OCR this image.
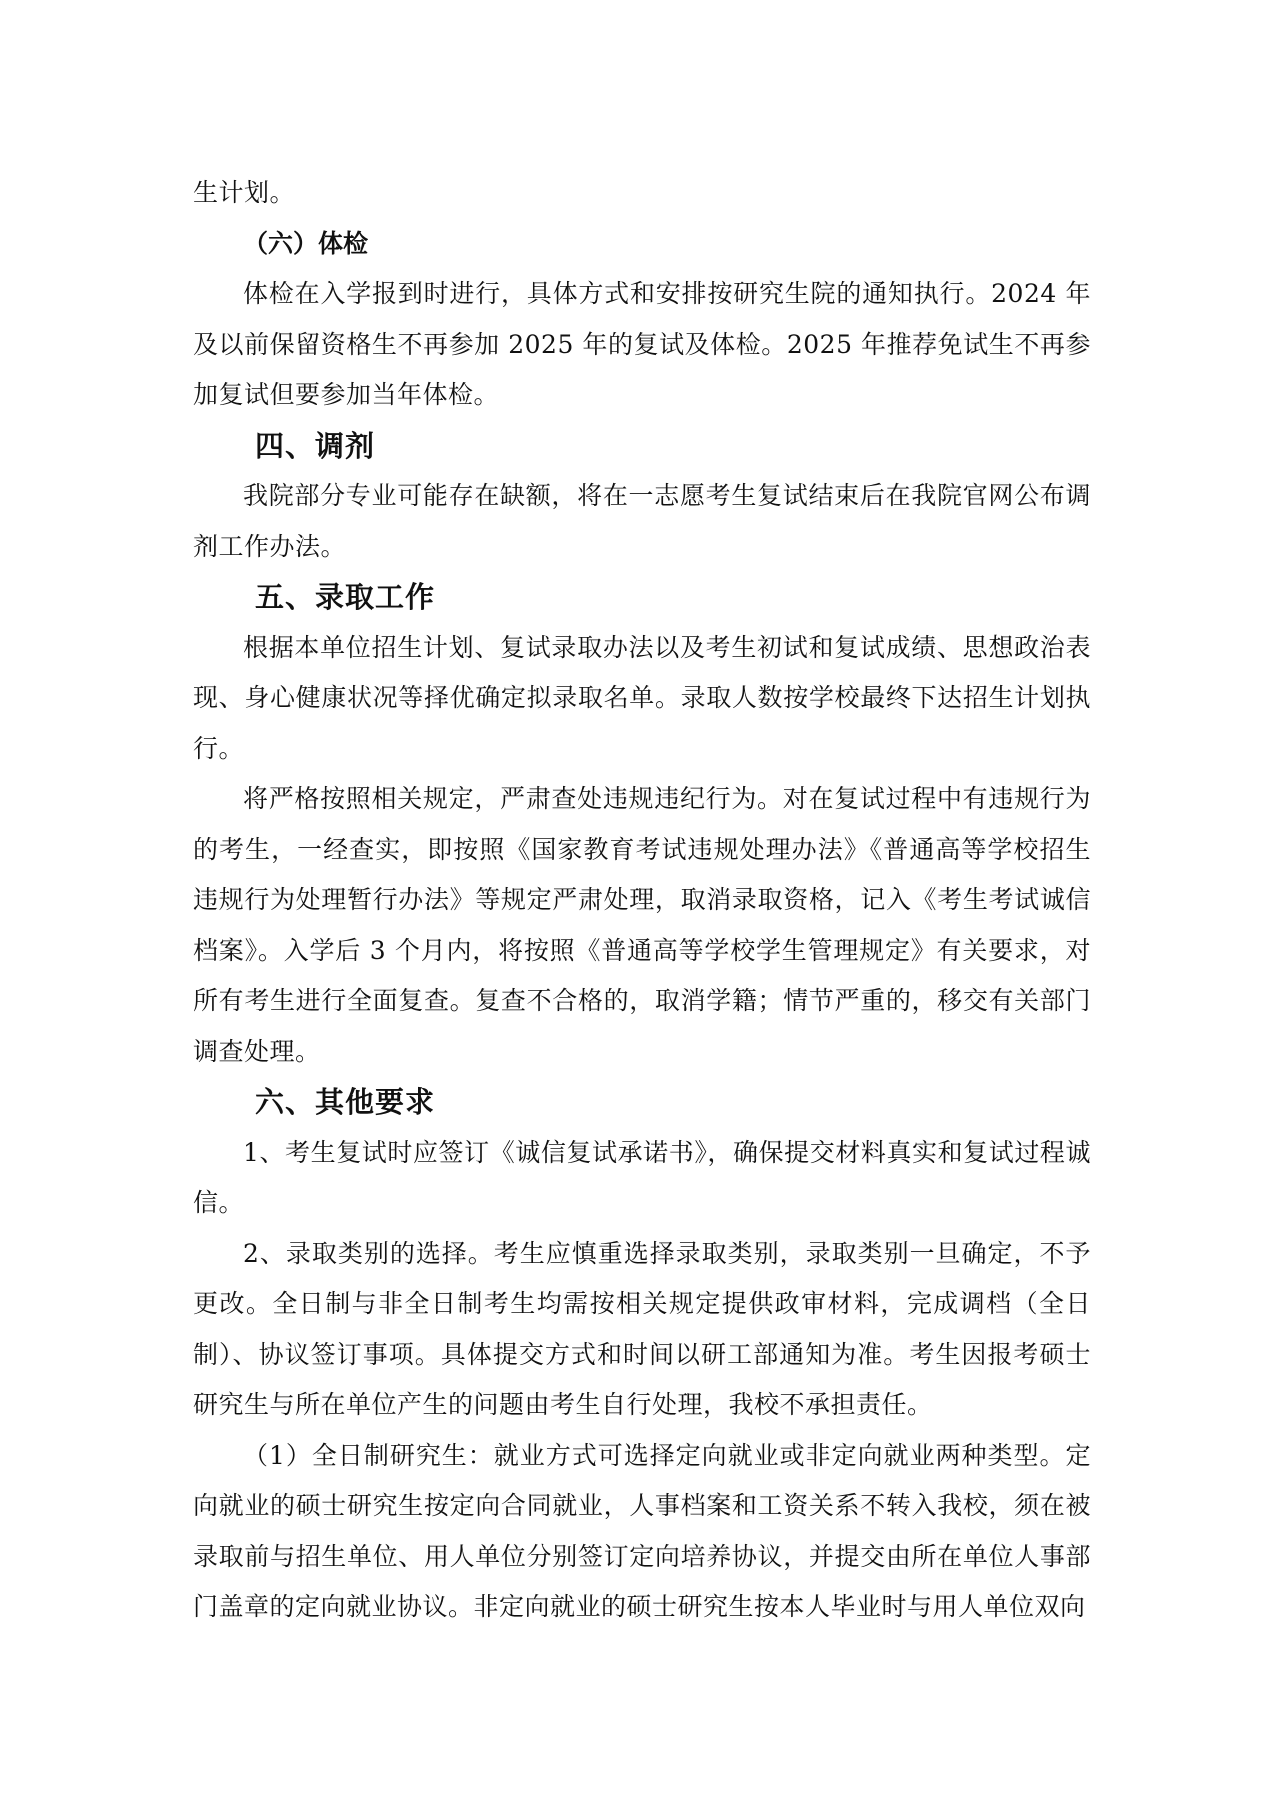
生计划。

（六）体检

体检在入学报到时进行，具体方式和安排按研究生院的通知执行。2024 年及以前保留资格生不再参加 2025 年的复试及体检。2025 年推荐免试生不再参加复试但要参加当年体检。

四、调剂

我院部分专业可能存在缺额，将在一志愿考生复试结束后在我院官网公布调剂工作办法。

五、录取工作

根据本单位招生计划、复试录取办法以及考生初试和复试成绩、思想政治表现、身心健康状况等择优确定拟录取名单。录取人数按学校最终下达招生计划执行。

将严格按照相关规定，严肃查处违规违纪行为。对在复试过程中有违规行为的考生，一经查实，即按照《国家教育考试违规处理办法》《普通高等学校招生违规行为处理暂行办法》等规定严肃处理，取消录取资格，记入《考生考试诚信档案》。入学后 3 个月内，将按照《普通高等学校学生管理规定》有关要求，对所有考生进行全面复查。复查不合格的，取消学籍；情节严重的，移交有关部门调查处理。

六、其他要求

1、考生复试时应签订《诚信复试承诺书》，确保提交材料真实和复试过程诚信。

2、录取类别的选择。考生应慎重选择录取类别，录取类别一旦确定，不予更改。全日制与非全日制考生均需按相关规定提供政审材料，完成调档（全日制）、协议签订事项。具体提交方式和时间以研工部通知为准。考生因报考硕士研究生与所在单位产生的问题由考生自行处理，我校不承担责任。

（1）全日制研究生：就业方式可选择定向就业或非定向就业两种类型。定向就业的硕士研究生按定向合同就业，人事档案和工资关系不转入我校，须在被录取前与招生单位、用人单位分别签订定向培养协议，并提交由所在单位人事部门盖章的定向就业协议。非定向就业的硕士研究生按本人毕业时与用人单位双向
